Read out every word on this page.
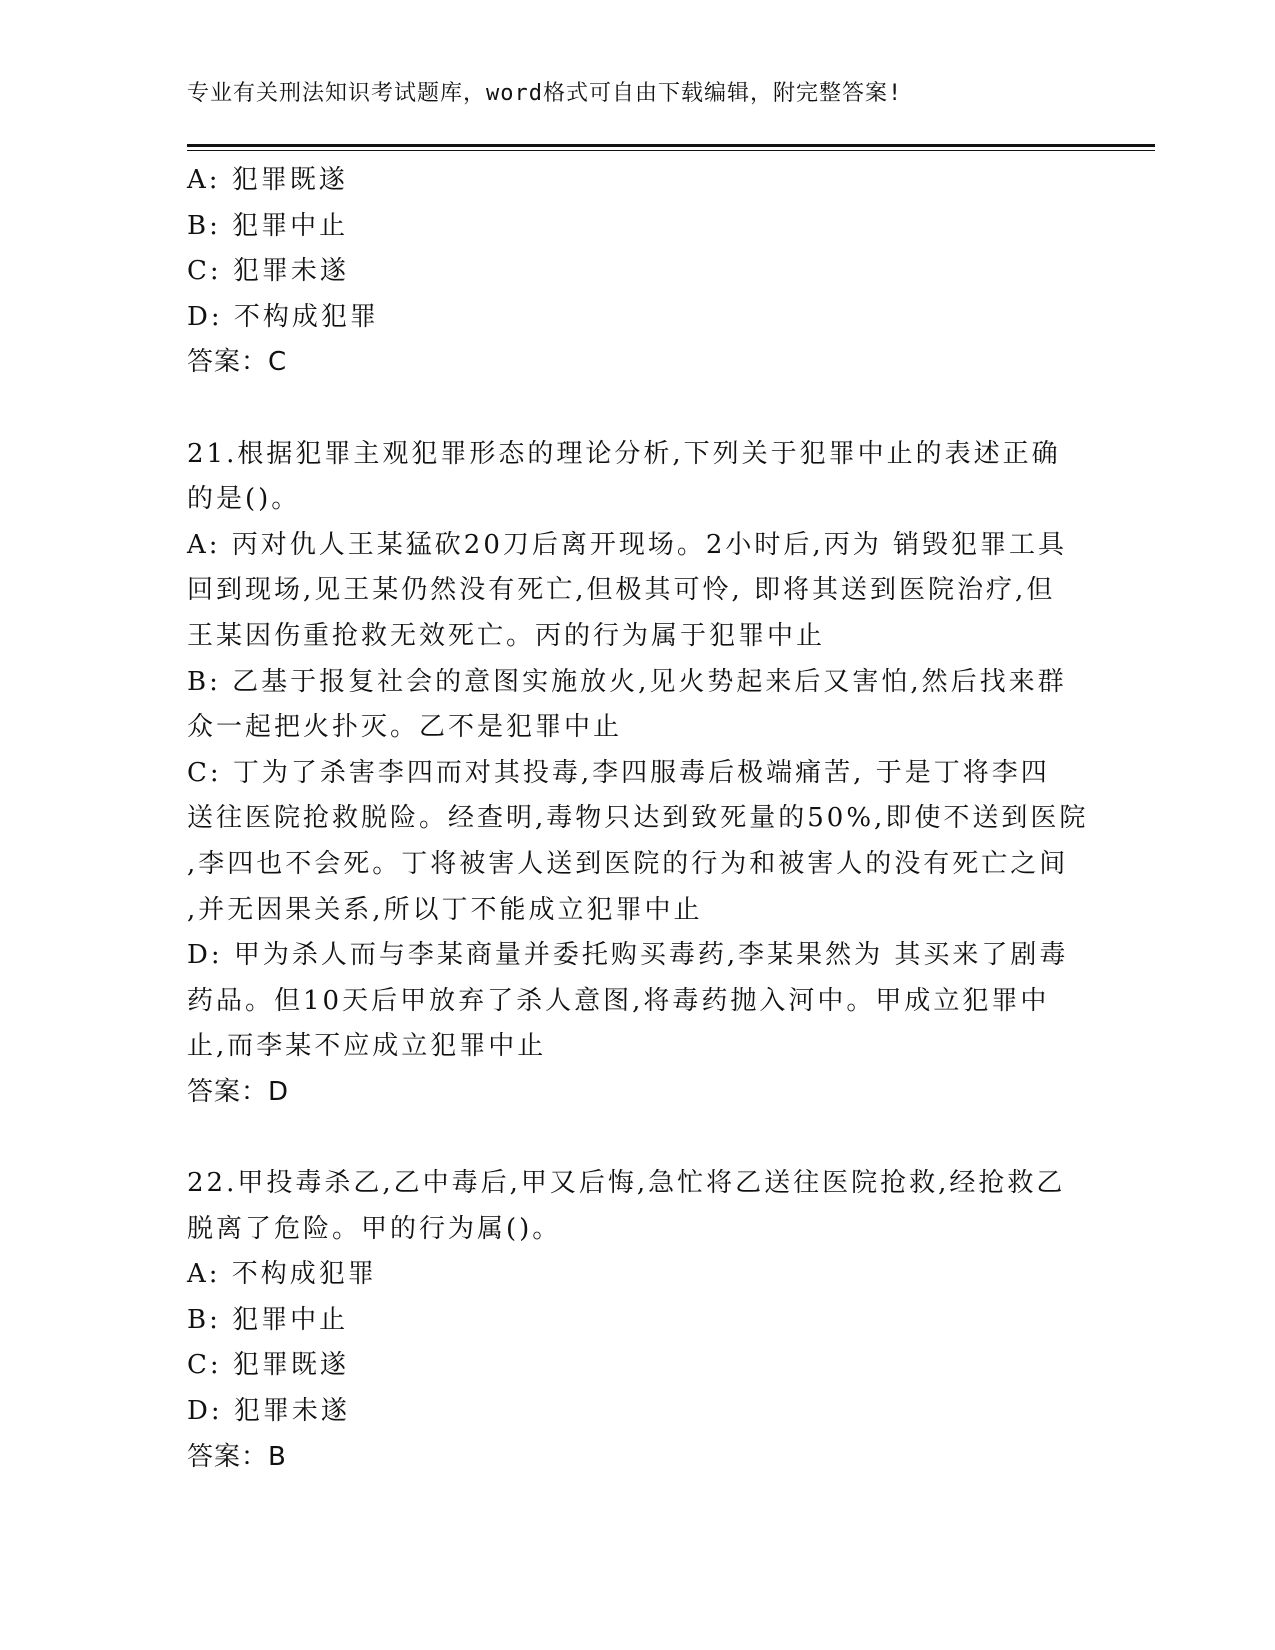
专业有关刑法知识考试题库，word格式可自由下载编辑，附完整答案!

A: 犯罪既遂

B: 犯罪中止

C: 犯罪未遂

D: 不构成犯罪

答案：C

21.根据犯罪主观犯罪形态的理论分析,下列关于犯罪中止的表述正确

的是()。

A: 丙对仇人王某猛砍20刀后离开现场。2小时后,丙为 销毁犯罪工具

回到现场,见王某仍然没有死亡,但极其可怜, 即将其送到医院治疗,但

王某因伤重抢救无效死亡。丙的行为属于犯罪中止

B: 乙基于报复社会的意图实施放火,见火势起来后又害怕,然后找来群

众一起把火扑灭。乙不是犯罪中止

C: 丁为了杀害李四而对其投毒,李四服毒后极端痛苦, 于是丁将李四

送往医院抢救脱险。经查明,毒物只达到致死量的50%,即使不送到医院

,李四也不会死。丁将被害人送到医院的行为和被害人的没有死亡之间

,并无因果关系,所以丁不能成立犯罪中止

D: 甲为杀人而与李某商量并委托购买毒药,李某果然为 其买来了剧毒

药品。但10天后甲放弃了杀人意图,将毒药抛入河中。甲成立犯罪中

止,而李某不应成立犯罪中止

答案：D

22.甲投毒杀乙,乙中毒后,甲又后悔,急忙将乙送往医院抢救,经抢救乙

脱离了危险。甲的行为属()。

A: 不构成犯罪

B: 犯罪中止

C: 犯罪既遂

D: 犯罪未遂

答案：B
